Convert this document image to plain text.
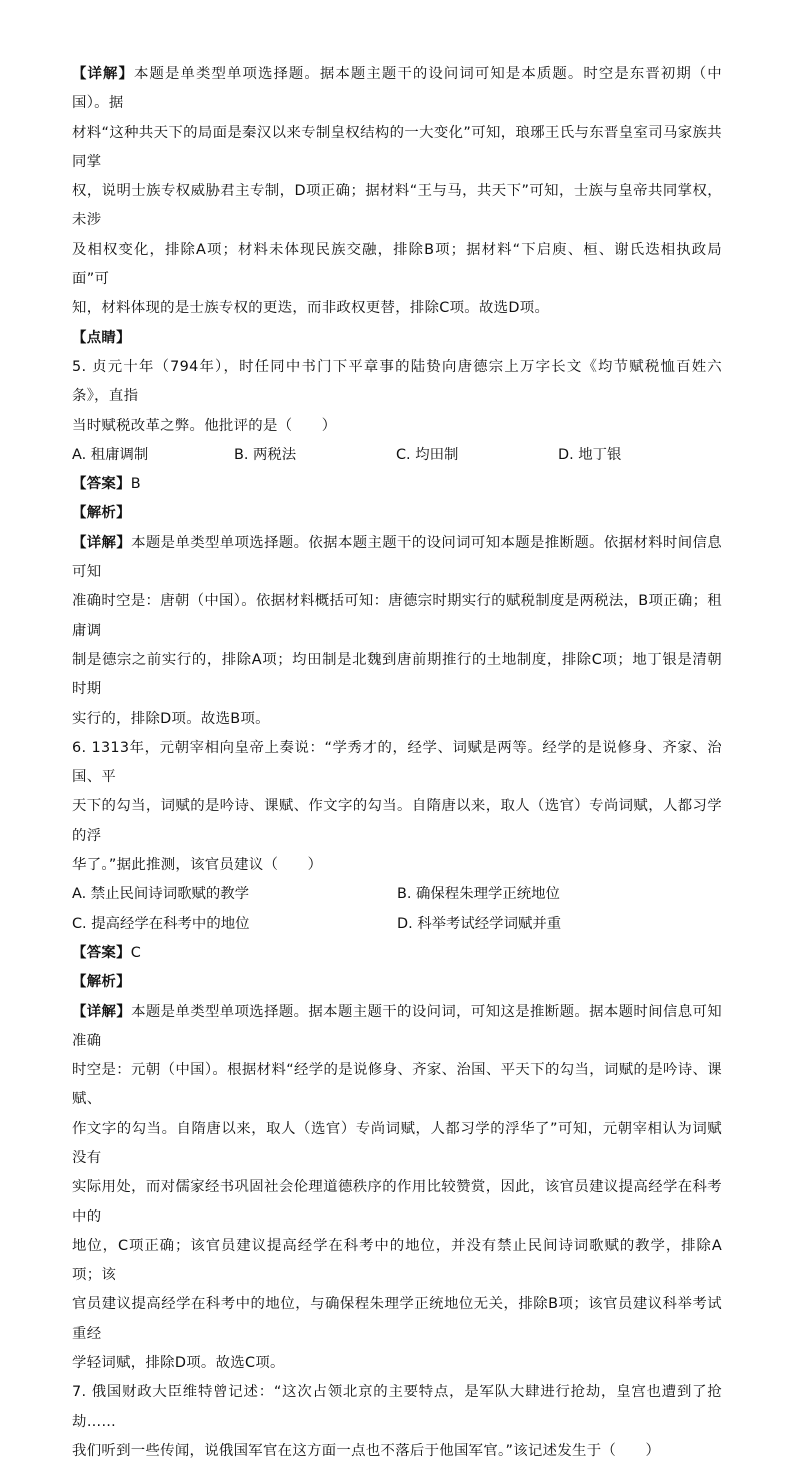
【详解】本题是单类型单项选择题。据本题主题干的设问词可知是本质题。时空是东晋初期（中国）。据

材料“这种共天下的局面是秦汉以来专制皇权结构的一大变化”可知，琅琊王氏与东晋皇室司马家族共同掌

权，说明士族专权威胁君主专制，D项正确；据材料“王与马，共天下”可知，士族与皇帝共同掌权，未涉

及相权变化，排除A项；材料未体现民族交融，排除B项；据材料“下启庾、桓、谢氏迭相执政局面”可

知，材料体现的是士族专权的更迭，而非政权更替，排除C项。故选D项。

【点睛】

5. 贞元十年（794年），时任同中书门下平章事的陆贽向唐德宗上万字长文《均节赋税恤百姓六条》，直指

当时赋税改革之弊。他批评的是（　　）

A. 租庸调制	B. 两税法	C. 均田制	D. 地丁银

【答案】B

【解析】

【详解】本题是单类型单项选择题。依据本题主题干的设问词可知本题是推断题。依据材料时间信息可知

准确时空是：唐朝（中国）。依据材料概括可知：唐德宗时期实行的赋税制度是两税法，B项正确；租庸调

制是德宗之前实行的，排除A项；均田制是北魏到唐前期推行的土地制度，排除C项；地丁银是清朝时期

实行的，排除D项。故选B项。

6. 1313年，元朝宰相向皇帝上奏说：“学秀才的，经学、词赋是两等。经学的是说修身、齐家、治国、平

天下的勾当，词赋的是吟诗、课赋、作文字的勾当。自隋唐以来，取人（选官）专尚词赋，人都习学的浮

华了。”据此推测，该官员建议（　　）

A. 禁止民间诗词歌赋的教学	B. 确保程朱理学正统地位
C. 提高经学在科考中的地位	D. 科举考试经学词赋并重

【答案】C

【解析】

【详解】本题是单类型单项选择题。据本题主题干的设问词，可知这是推断题。据本题时间信息可知准确

时空是：元朝（中国）。根据材料“经学的是说修身、齐家、治国、平天下的勾当，词赋的是吟诗、课赋、

作文字的勾当。自隋唐以来，取人（选官）专尚词赋，人都习学的浮华了”可知，元朝宰相认为词赋没有

实际用处，而对儒家经书巩固社会伦理道德秩序的作用比较赞赏，因此，该官员建议提高经学在科考中的

地位，C项正确；该官员建议提高经学在科考中的地位，并没有禁止民间诗词歌赋的教学，排除A项；该

官员建议提高经学在科考中的地位，与确保程朱理学正统地位无关，排除B项；该官员建议科举考试重经

学轻词赋，排除D项。故选C项。

7. 俄国财政大臣维特曾记述：“这次占领北京的主要特点，是军队大肆进行抢劫，皇宫也遭到了抢劫……

我们听到一些传闻，说俄国军官在这方面一点也不落后于他国军官。”该记述发生于（　　）
